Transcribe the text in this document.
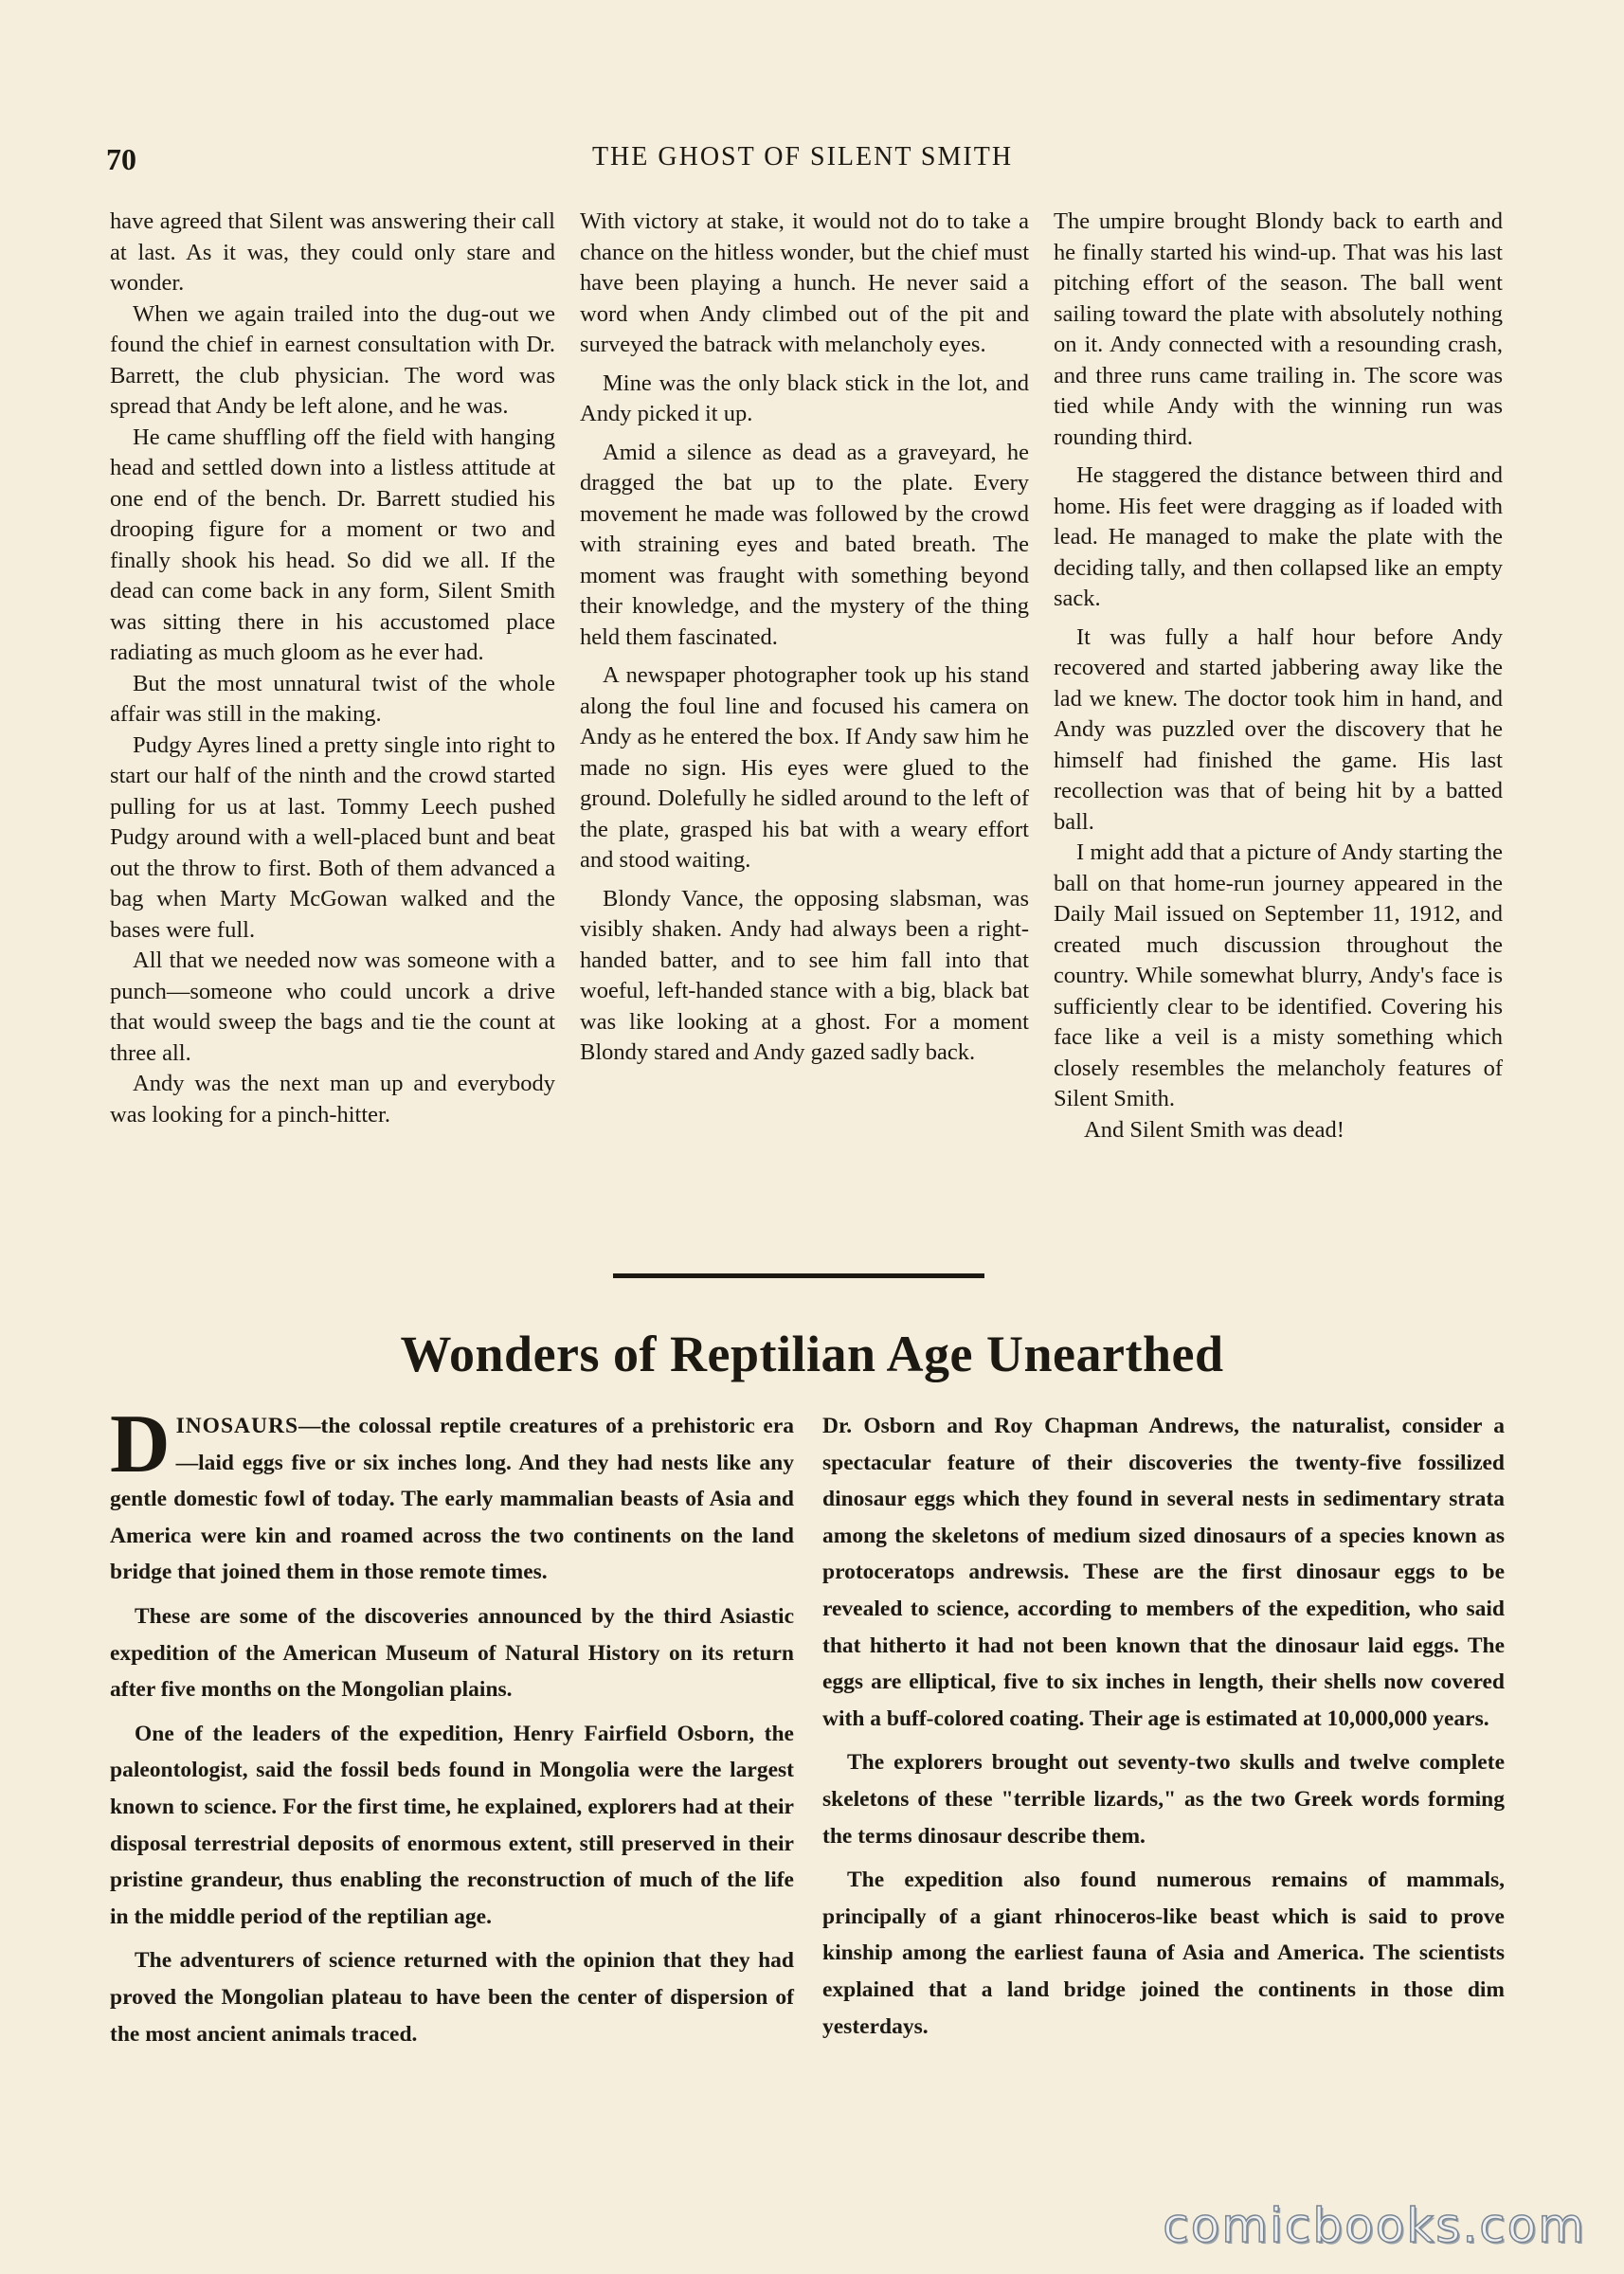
70	THE GHOST OF SILENT SMITH

have agreed that Silent was answering their call at last. As it was, they could only stare and wonder.

When we again trailed into the dug-out we found the chief in earnest consultation with Dr. Barrett, the club physician. The word was spread that Andy be left alone, and he was.

He came shuffling off the field with hanging head and settled down into a listless attitude at one end of the bench. Dr. Barrett studied his drooping figure for a moment or two and finally shook his head. So did we all. If the dead can come back in any form, Silent Smith was sitting there in his accustomed place radiating as much gloom as he ever had.

But the most unnatural twist of the whole affair was still in the making.

Pudgy Ayres lined a pretty single into right to start our half of the ninth and the crowd started pulling for us at last. Tommy Leech pushed Pudgy around with a well-placed bunt and beat out the throw to first. Both of them advanced a bag when Marty McGowan walked and the bases were full.

All that we needed now was someone with a punch—someone who could uncork a drive that would sweep the bags and tie the count at three all.

Andy was the next man up and everybody was looking for a pinch-hitter.

With victory at stake, it would not do to take a chance on the hitless wonder, but the chief must have been playing a hunch. He never said a word when Andy climbed out of the pit and surveyed the batrack with melancholy eyes.

Mine was the only black stick in the lot, and Andy picked it up.

Amid a silence as dead as a graveyard, he dragged the bat up to the plate. Every movement he made was followed by the crowd with straining eyes and bated breath. The moment was fraught with something beyond their knowledge, and the mystery of the thing held them fascinated.

A newspaper photographer took up his stand along the foul line and focused his camera on Andy as he entered the box. If Andy saw him he made no sign. His eyes were glued to the ground. Dolefully he sidled around to the left of the plate, grasped his bat with a weary effort and stood waiting.

Blondy Vance, the opposing slabsman, was visibly shaken. Andy had always been a right-handed batter, and to see him fall into that woeful, left-handed stance with a big, black bat was like looking at a ghost. For a moment Blondy stared and Andy gazed sadly back.

The umpire brought Blondy back to earth and he finally started his wind-up. That was his last pitching effort of the season. The ball went sailing toward the plate with absolutely nothing on it. Andy connected with a resounding crash, and three runs came trailing in. The score was tied while Andy with the winning run was rounding third.

He staggered the distance between third and home. His feet were dragging as if loaded with lead. He managed to make the plate with the deciding tally, and then collapsed like an empty sack.

It was fully a half hour before Andy recovered and started jabbering away like the lad we knew. The doctor took him in hand, and Andy was puzzled over the discovery that he himself had finished the game. His last recollection was that of being hit by a batted ball.

I might add that a picture of Andy starting the ball on that home-run journey appeared in the Daily Mail issued on September 11, 1912, and created much discussion throughout the country. While somewhat blurry, Andy's face is sufficiently clear to be identified. Covering his face like a veil is a misty something which closely resembles the melancholy features of Silent Smith.

And Silent Smith was dead!

Wonders of Reptilian Age Unearthed

DINOSAURS—the colossal reptile creatures of a prehistoric era—laid eggs five or six inches long. And they had nests like any gentle domestic fowl of today. The early mammalian beasts of Asia and America were kin and roamed across the two continents on the land bridge that joined them in those remote times.

These are some of the discoveries announced by the third Asiastic expedition of the American Museum of Natural History on its return after five months on the Mongolian plains.

One of the leaders of the expedition, Henry Fairfield Osborn, the paleontologist, said the fossil beds found in Mongolia were the largest known to science. For the first time, he explained, explorers had at their disposal terrestrial deposits of enormous extent, still preserved in their pristine grandeur, thus enabling the reconstruction of much of the life in the middle period of the reptilian age.

The adventurers of science returned with the opinion that they had proved the Mongolian plateau to have been the center of dispersion of the most ancient animals traced.

Dr. Osborn and Roy Chapman Andrews, the naturalist, consider a spectacular feature of their discoveries the twenty-five fossilized dinosaur eggs which they found in several nests in sedimentary strata among the skeletons of medium sized dinosaurs of a species known as protoceratops andrewsis. These are the first dinosaur eggs to be revealed to science, according to members of the expedition, who said that hitherto it had not been known that the dinosaur laid eggs. The eggs are elliptical, five to six inches in length, their shells now covered with a buff-colored coating. Their age is estimated at 10,000,000 years.

The explorers brought out seventy-two skulls and twelve complete skeletons of these "terrible lizards," as the two Greek words forming the terms dinosaur describe them.

The expedition also found numerous remains of mammals, principally of a giant rhinoceros-like beast which is said to prove kinship among the earliest fauna of Asia and America. The scientists explained that a land bridge joined the continents in those dim yesterdays.

comicbooks.com
